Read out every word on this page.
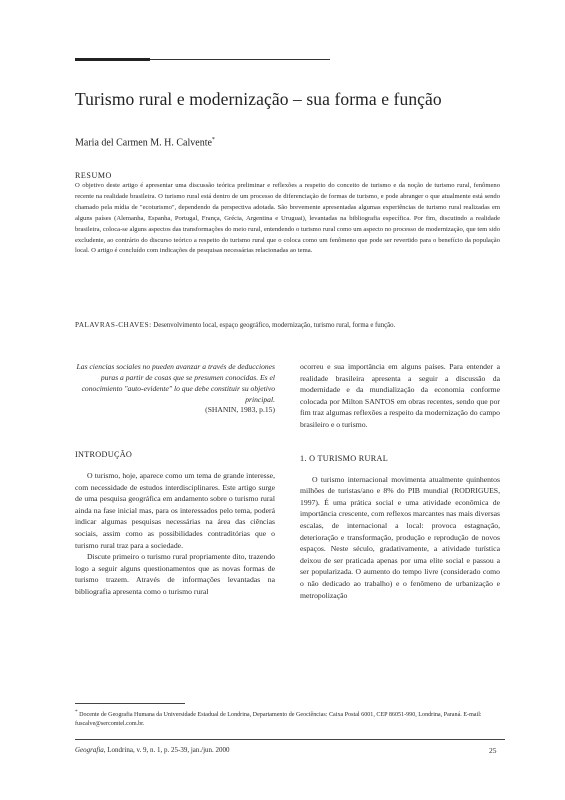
Turismo rural e modernização – sua forma e função
Maria del Carmen M. H. Calvente*
RESUMO
O objetivo deste artigo é apresentar uma discussão teórica preliminar e reflexões a respeito do conceito de turismo e da noção de turismo rural, fenômeno recente na realidade brasileira. O turismo rural está dentro de um processo de diferenciação de formas de turismo, e pode abranger o que atualmente está sendo chamado pela mídia de "ecoturismo", dependendo da perspectiva adotada. São brevemente apresentadas algumas experiências de turismo rural realizadas em alguns países (Alemanha, Espanha, Portugal, França, Grécia, Argentina e Uruguai), levantadas na bibliografia específica. Por fim, discutindo a realidade brasileira, coloca-se alguns aspectos das transformações do meio rural, entendendo o turismo rural como um aspecto no processo de modernização, que tem sido excludente, ao contrário do discurso teórico a respeito do turismo rural que o coloca como um fenômeno que pode ser revertido para o benefício da população local. O artigo é concluído com indicações de pesquisas necessárias relacionadas ao tema.
PALAVRAS-CHAVES: Desenvolvimento local, espaço geográfico, modernização, turismo rural, forma e função.
Las ciencias sociales no pueden avanzar a través de deducciones puras a partir de cosas que se presumen conocidas. Es el conocimiento "auto-evidente" lo que debe constituir su objetivo principal.
(SHANIN, 1983, p.15)
INTRODUÇÃO

O turismo, hoje, aparece como um tema de grande interesse, com necessidade de estudos interdisciplinares. Este artigo surge de uma pesquisa geográfica em andamento sobre o turismo rural ainda na fase inicial mas, para os interessados pelo tema, poderá indicar algumas pesquisas necessárias na área das ciências sociais, assim como as possibilidades contraditórias que o turismo rural traz para a sociedade.

Discute primeiro o turismo rural propriamente dito, trazendo logo a seguir alguns questionamentos que as novas formas de turismo trazem. Através de informações levantadas na bibliografia apresenta como o turismo rural

ocorreu e sua importância em alguns países. Para entender a realidade brasileira apresenta a seguir a discussão da modernidade e da mundialização da economia conforme colocada por Milton SANTOS em obras recentes, sendo que por fim traz algumas reflexões a respeito da modernização do campo brasileiro e o turismo.

1. O TURISMO RURAL

O turismo internacional movimenta atualmente quinhentos milhões de turistas/ano e 8% do PIB mundial (RODRIGUES, 1997). É uma prática social e uma atividade econômica de importância crescente, com reflexos marcantes nas mais diversas escalas, de internacional a local: provoca estagnação, deterioração e transformação, produção e reprodução de novos espaços. Neste século, gradativamente, a atividade turística deixou de ser praticada apenas por uma elite social e passou a ser popularizada. O aumento do tempo livre (considerado como o não dedicado ao trabalho) e o fenômeno de urbanização e metropolização

* Docente de Geografia Humana da Universidade Estadual de Londrina, Departamento de Geociências: Caixa Postal 6001, CEP 86051-990, Londrina, Paraná. E-mail: fuscalve@sercomtel.com.br.
Geografia, Londrina, v. 9, n. 1, p. 25-39, jan./jun. 2000	25
